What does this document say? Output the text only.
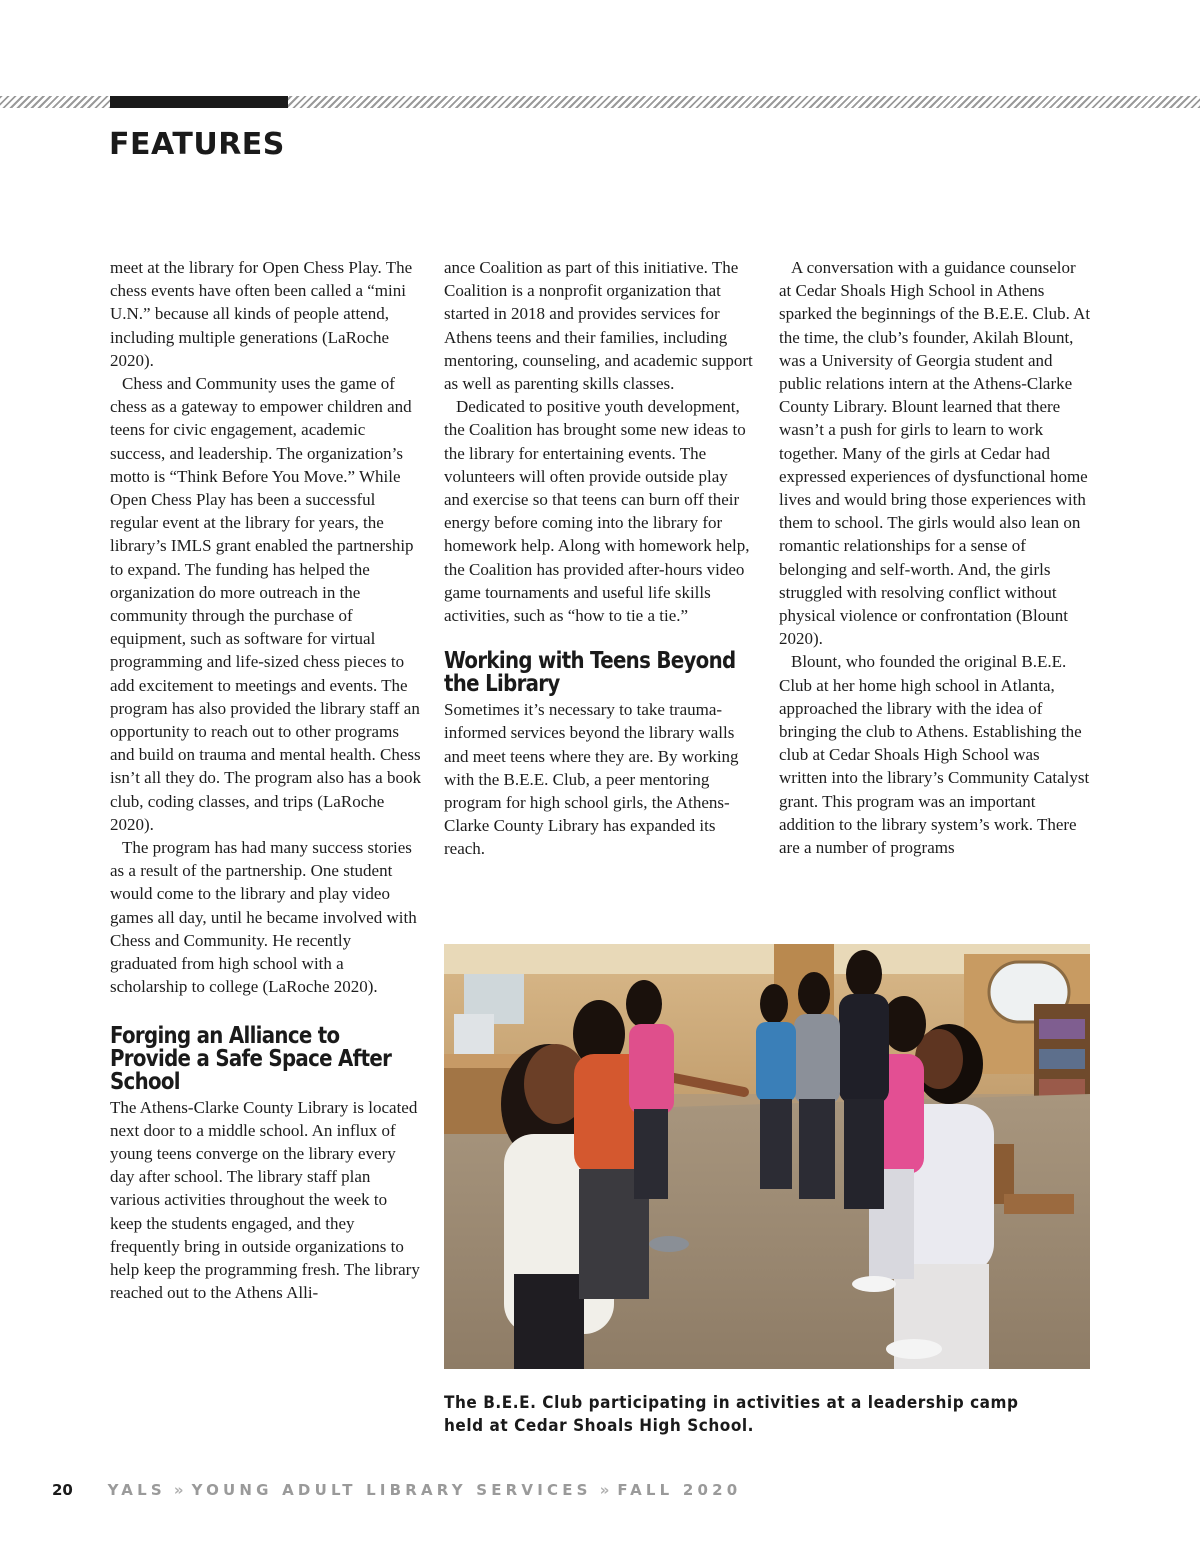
FEATURES

meet at the library for Open Chess Play. The chess events have often been called a “mini U.N.” because all kinds of people attend, including multiple generations (LaRoche 2020).

Chess and Community uses the game of chess as a gateway to empower children and teens for civic engagement, academic success, and leadership. The organization’s motto is “Think Before You Move.” While Open Chess Play has been a successful regular event at the library for years, the library’s IMLS grant enabled the partnership to expand. The funding has helped the organization do more outreach in the community through the purchase of equipment, such as software for virtual programming and life-sized chess pieces to add excitement to meetings and events. The program has also provided the library staff an opportunity to reach out to other programs and build on trauma and mental health. Chess isn’t all they do. The program also has a book club, coding classes, and trips (LaRoche 2020).

The program has had many success stories as a result of the partnership. One student would come to the library and play video games all day, until he became involved with Chess and Community. He recently graduated from high school with a scholarship to college (LaRoche 2020).

Forging an Alliance to Provide a Safe Space After School

The Athens-Clarke County Library is located next door to a middle school. An influx of young teens converge on the library every day after school. The library staff plan various activities throughout the week to keep the students engaged, and they frequently bring in outside organizations to help keep the programming fresh. The library reached out to the Athens Alli-

ance Coalition as part of this initiative. The Coalition is a nonprofit organization that started in 2018 and provides services for Athens teens and their families, including mentoring, counseling, and academic support as well as parenting skills classes.

Dedicated to positive youth development, the Coalition has brought some new ideas to the library for entertaining events. The volunteers will often provide outside play and exercise so that teens can burn off their energy before coming into the library for homework help. Along with homework help, the Coalition has provided after-hours video game tournaments and useful life skills activities, such as “how to tie a tie.”

Working with Teens Beyond the Library

Sometimes it’s necessary to take trauma-informed services beyond the library walls and meet teens where they are. By working with the B.E.E. Club, a peer mentoring program for high school girls, the Athens-Clarke County Library has expanded its reach.

A conversation with a guidance counselor at Cedar Shoals High School in Athens sparked the beginnings of the B.E.E. Club. At the time, the club’s founder, Akilah Blount, was a University of Georgia student and public relations intern at the Athens-Clarke County Library. Blount learned that there wasn’t a push for girls to learn to work together. Many of the girls at Cedar had expressed experiences of dysfunctional home lives and would bring those experiences with them to school. The girls would also lean on romantic relationships for a sense of belonging and self-worth. And, the girls struggled with resolving conflict without physical violence or confrontation (Blount 2020).

Blount, who founded the original B.E.E. Club at her home high school in Atlanta, approached the library with the idea of bringing the club to Athens. Establishing the club at Cedar Shoals High School was written into the library’s Community Catalyst grant. This program was an important addition to the library system’s work. There are a number of programs

The B.E.E. Club participating in activities at a leadership camp held at Cedar Shoals High School.

20 YALS » YOUNG ADULT LIBRARY SERVICES » FALL 2020
